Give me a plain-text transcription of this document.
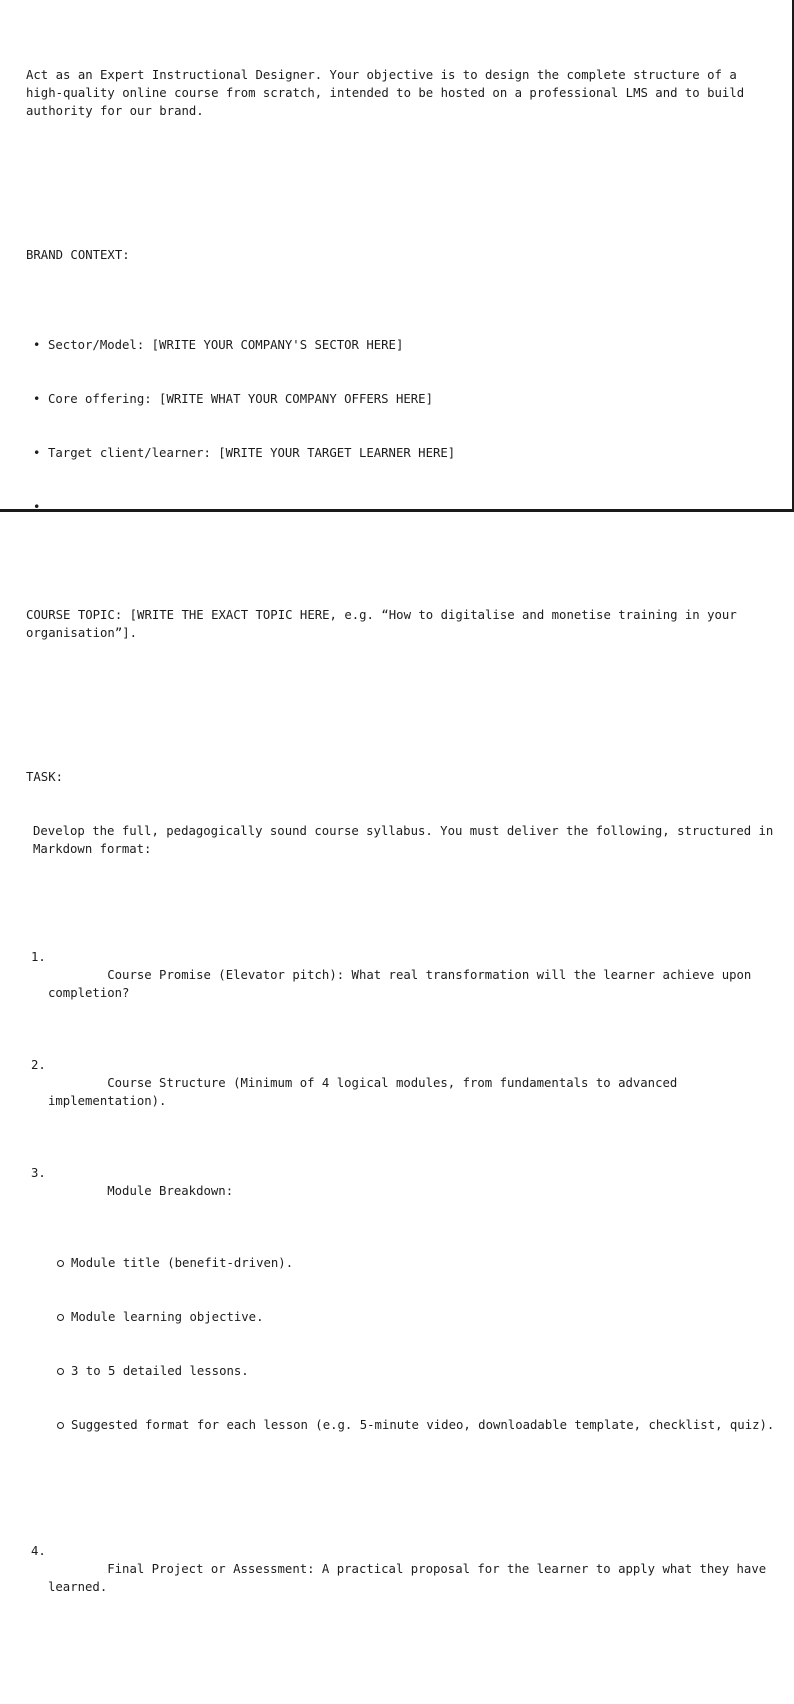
Act as an Expert Instructional Designer. Your objective is to design the complete structure of a high-quality online course from scratch, intended to be hosted on a professional LMS and to build authority for our brand.

BRAND CONTEXT:

• Sector/Model: [WRITE YOUR COMPANY'S SECTOR HERE]

• Core offering: [WRITE WHAT YOUR COMPANY OFFERS HERE]

• Target client/learner: [WRITE YOUR TARGET LEARNER HERE]

•

COURSE TOPIC: [WRITE THE EXACT TOPIC HERE, e.g. “How to digitalise and monetise training in your organisation”].

TASK:

Develop the full, pedagogically sound course syllabus. You must deliver the following, structured in Markdown format:

1.
Course Promise (Elevator pitch): What real transformation will the learner achieve upon completion?

2.
Course Structure (Minimum of 4 logical modules, from fundamentals to advanced implementation).

3.
Module Breakdown:

Module title (benefit-driven).

Module learning objective.

3 to 5 detailed lessons.

Suggested format for each lesson (e.g. 5-minute video, downloadable template, checklist, quiz).

4.
Final Project or Assessment: A practical proposal for the learner to apply what they have learned.
